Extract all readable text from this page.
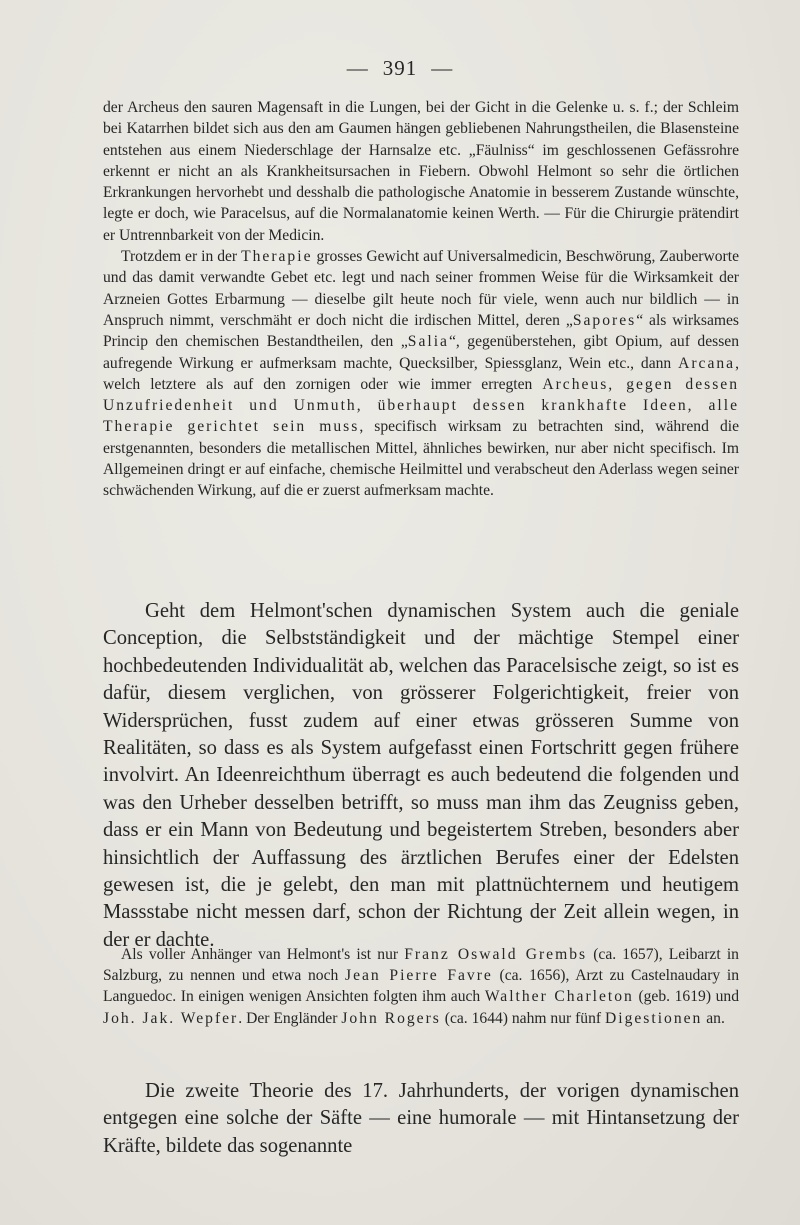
— 391 —

der Archeus den sauren Magensaft in die Lungen, bei der Gicht in die Gelenke u. s. f.; der Schleim bei Katarrhen bildet sich aus den am Gaumen hängen gebliebenen Nahrungstheilen, die Blasensteine entstehen aus einem Niederschlage der Harnsalze etc. „Fäulniss“ im geschlossenen Gefässrohre erkennt er nicht an als Krankheitsursachen in Fiebern. Obwohl Helmont so sehr die örtlichen Erkrankungen hervorhebt und desshalb die pathologische Anatomie in besserem Zustande wünschte, legte er doch, wie Paracelsus, auf die Normalanatomie keinen Werth. — Für die Chirurgie prätendirt er Untrennbarkeit von der Medicin.

Trotzdem er in der Therapie grosses Gewicht auf Universalmedicin, Beschwörung, Zauberworte und das damit verwandte Gebet etc. legt und nach seiner frommen Weise für die Wirksamkeit der Arzneien Gottes Erbarmung — dieselbe gilt heute noch für viele, wenn auch nur bildlich — in Anspruch nimmt, verschmäht er doch nicht die irdischen Mittel, deren „Sapores“ als wirksames Princip den chemischen Bestandtheilen, den „Salia“, gegenüberstehen, gibt Opium, auf dessen aufregende Wirkung er aufmerksam machte, Quecksilber, Spiessglanz, Wein etc., dann Arcana, welch letztere als auf den zornigen oder wie immer erregten Archeus, gegen dessen Unzufriedenheit und Unmuth, überhaupt dessen krankhafte Ideen, alle Therapie gerichtet sein muss, specifisch wirksam zu betrachten sind, während die erstgenannten, besonders die metallischen Mittel, ähnliches bewirken, nur aber nicht specifisch. Im Allgemeinen dringt er auf einfache, chemische Heilmittel und verabscheut den Aderlass wegen seiner schwächenden Wirkung, auf die er zuerst aufmerksam machte.

Geht dem Helmont'schen dynamischen System auch die geniale Conception, die Selbstständigkeit und der mächtige Stempel einer hochbedeutenden Individualität ab, welchen das Paracelsische zeigt, so ist es dafür, diesem verglichen, von grösserer Folgerichtigkeit, freier von Widersprüchen, fusst zudem auf einer etwas grösseren Summe von Realitäten, so dass es als System aufgefasst einen Fortschritt gegen frühere involvirt. An Ideenreichthum überragt es auch bedeutend die folgenden und was den Urheber desselben betrifft, so muss man ihm das Zeugniss geben, dass er ein Mann von Bedeutung und begeistertem Streben, besonders aber hinsichtlich der Auffassung des ärztlichen Berufes einer der Edelsten gewesen ist, die je gelebt, den man mit plattnüchternem und heutigem Massstabe nicht messen darf, schon der Richtung der Zeit allein wegen, in der er dachte.

Als voller Anhänger van Helmont's ist nur Franz Oswald Grembs (ca. 1657), Leibarzt in Salzburg, zu nennen und etwa noch Jean Pierre Favre (ca. 1656), Arzt zu Castelnaudary in Languedoc. In einigen wenigen Ansichten folgten ihm auch Walther Charleton (geb. 1619) und Joh. Jak. Wepfer. Der Engländer John Rogers (ca. 1644) nahm nur fünf Digestionen an.

Die zweite Theorie des 17. Jahrhunderts, der vorigen dynamischen entgegen eine solche der Säfte — eine humorale — mit Hintansetzung der Kräfte, bildete das sogenannte
